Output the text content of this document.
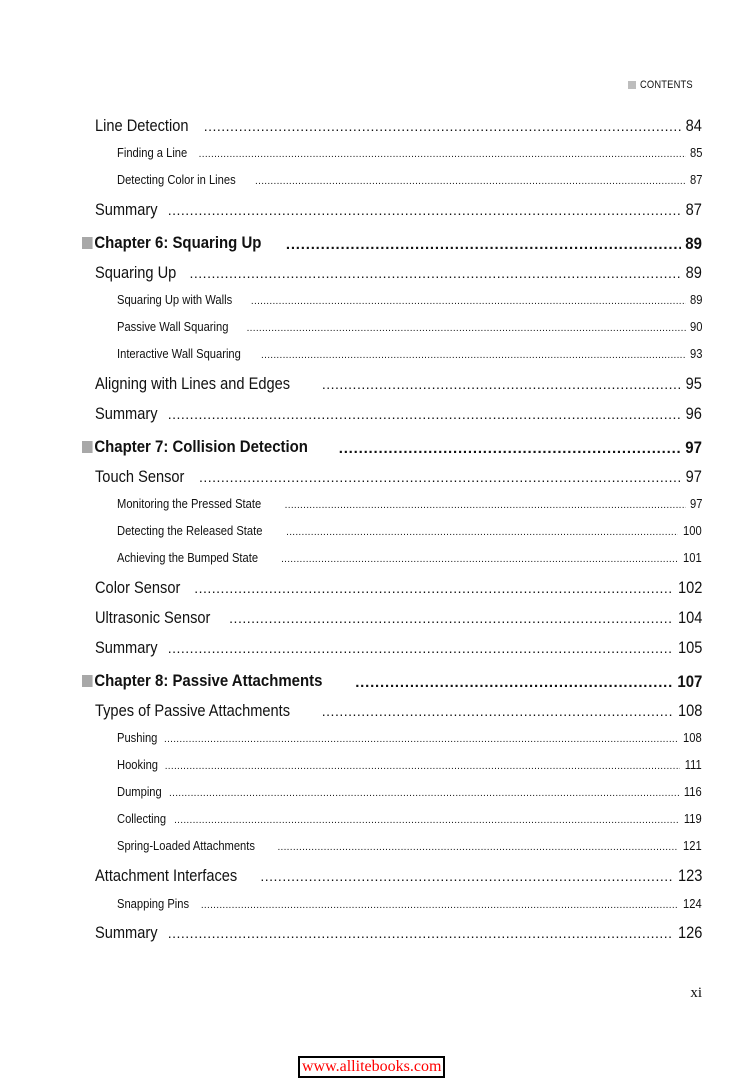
CONTENTS
Line Detection .....	84
Finding a Line .....	85
Detecting Color in Lines .....	87
Summary .....	87
Chapter 6: Squaring Up .....	89
Squaring Up .....	89
Squaring Up with Walls .....	89
Passive Wall Squaring .....	90
Interactive Wall Squaring .....	93
Aligning with Lines and Edges .....	95
Summary .....	96
Chapter 7: Collision Detection .....	97
Touch Sensor .....	97
Monitoring the Pressed State .....	97
Detecting the Released State .....	100
Achieving the Bumped State .....	101
Color Sensor .....	102
Ultrasonic Sensor .....	104
Summary .....	105
Chapter 8: Passive Attachments .....	107
Types of Passive Attachments .....	108
Pushing .....	108
Hooking .....	111
Dumping .....	116
Collecting .....	119
Spring-Loaded Attachments .....	121
Attachment Interfaces .....	123
Snapping Pins .....	124
Summary .....	126
xi
www.allitebooks.com
